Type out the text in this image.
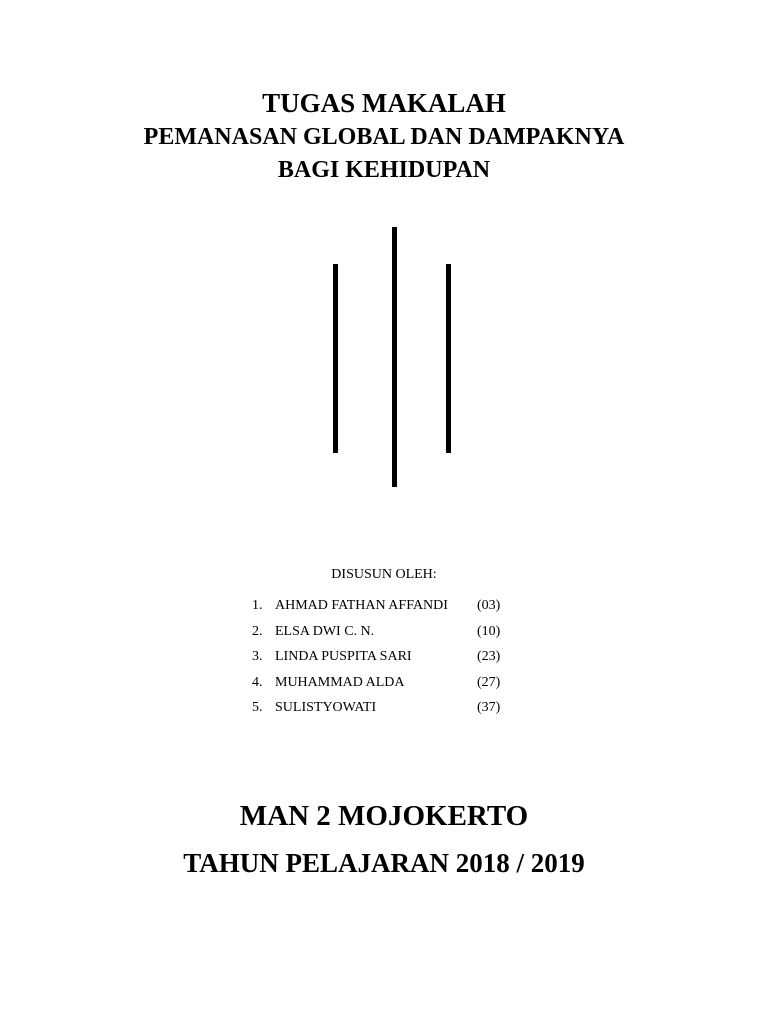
TUGAS MAKALAH
PEMANASAN GLOBAL DAN DAMPAKNYA
BAGI KEHIDUPAN
DISUSUN OLEH:
1. AHMAD FATHAN AFFANDI (03)
2. ELSA DWI C. N.	(10)
3. LINDA PUSPITA SARI	(23)
4. MUHAMMAD ALDA	(27)
5. SULISTYOWATI	(37)
MAN 2 MOJOKERTO
TAHUN PELAJARAN 2018 / 2019
